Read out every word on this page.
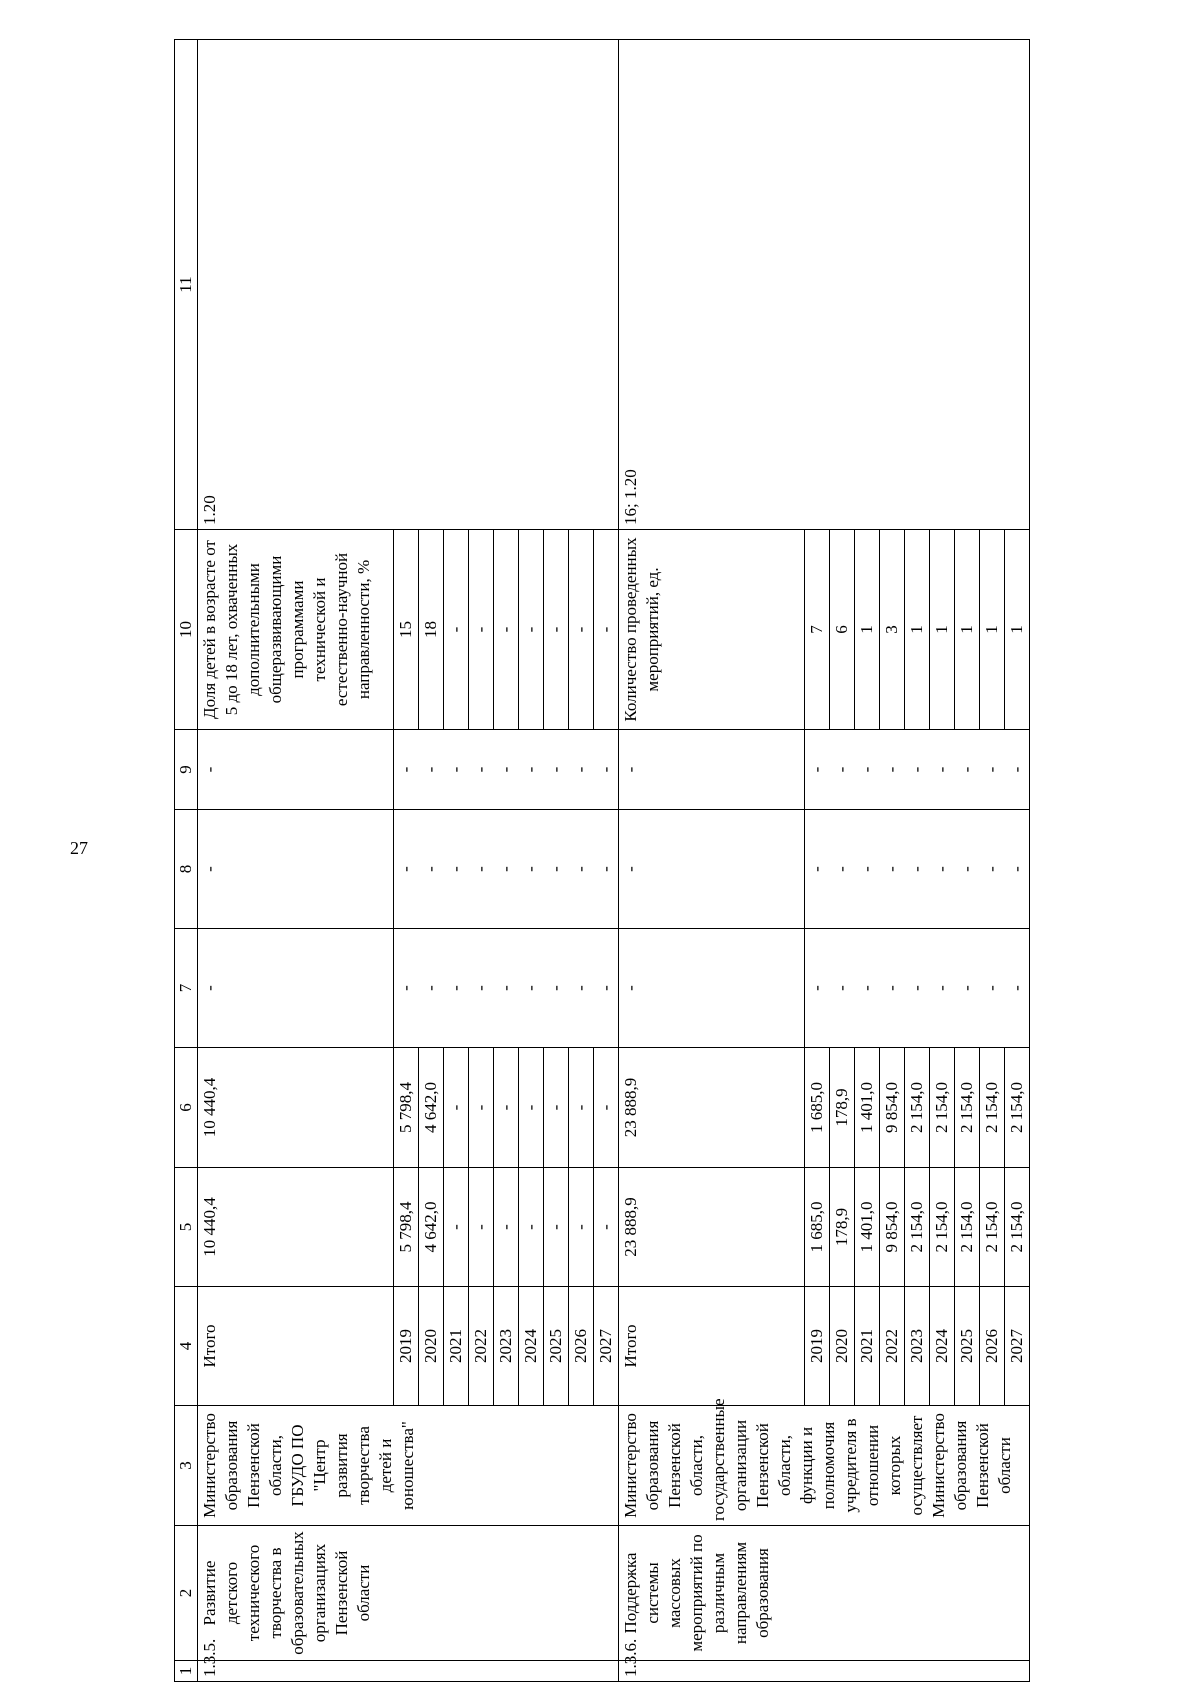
27
1	2	3	4	5	6	7	8	9	10	11
1.3.5.	Развитие детского технического творчества в образовательных организациях Пензенской области	Министерство образования Пензенской области, ГБУДО ПО "Центр развития творчества детей и юношества"	Итого	10 440,4	10 440,4	-	-	-	Доля детей в возрасте от 5 до 18 лет, охваченных дополнительными общеразвивающими программами технической и естественно-научной направленности, %	1.20
			2019	5 798,4	5 798,4	-	-	-	15	
			2020	4 642,0	4 642,0	-	-	-	18	
			2021	-	-	-	-	-	-	
			2022	-	-	-	-	-	-	
			2023	-	-	-	-	-	-	
			2024	-	-	-	-	-	-	
			2025	-	-	-	-	-	-	
			2026	-	-	-	-	-	-	
			2027	-	-	-	-	-	-	
1.3.6.	Поддержка системы массовых мероприятий по различным направлениям образования	Министерство образования Пензенской области, государственные организации Пензенской области, функции и полномочия учредителя в отношении которых осуществляет Министерство образования Пензенской области	Итого	23 888,9	23 888,9	-	-	-	Количество проведенных мероприятий, ед.	16; 1.20
			2019	1 685,0	1 685,0	-	-	-	7	
			2020	178,9	178,9	-	-	-	6	
			2021	1 401,0	1 401,0	-	-	-	1	
			2022	9 854,0	9 854,0	-	-	-	3	
			2023	2 154,0	2 154,0	-	-	-	1	
			2024	2 154,0	2 154,0	-	-	-	1	
			2025	2 154,0	2 154,0	-	-	-	1	
			2026	2 154,0	2 154,0	-	-	-	1	
			2027	2 154,0	2 154,0	-	-	-	1	
